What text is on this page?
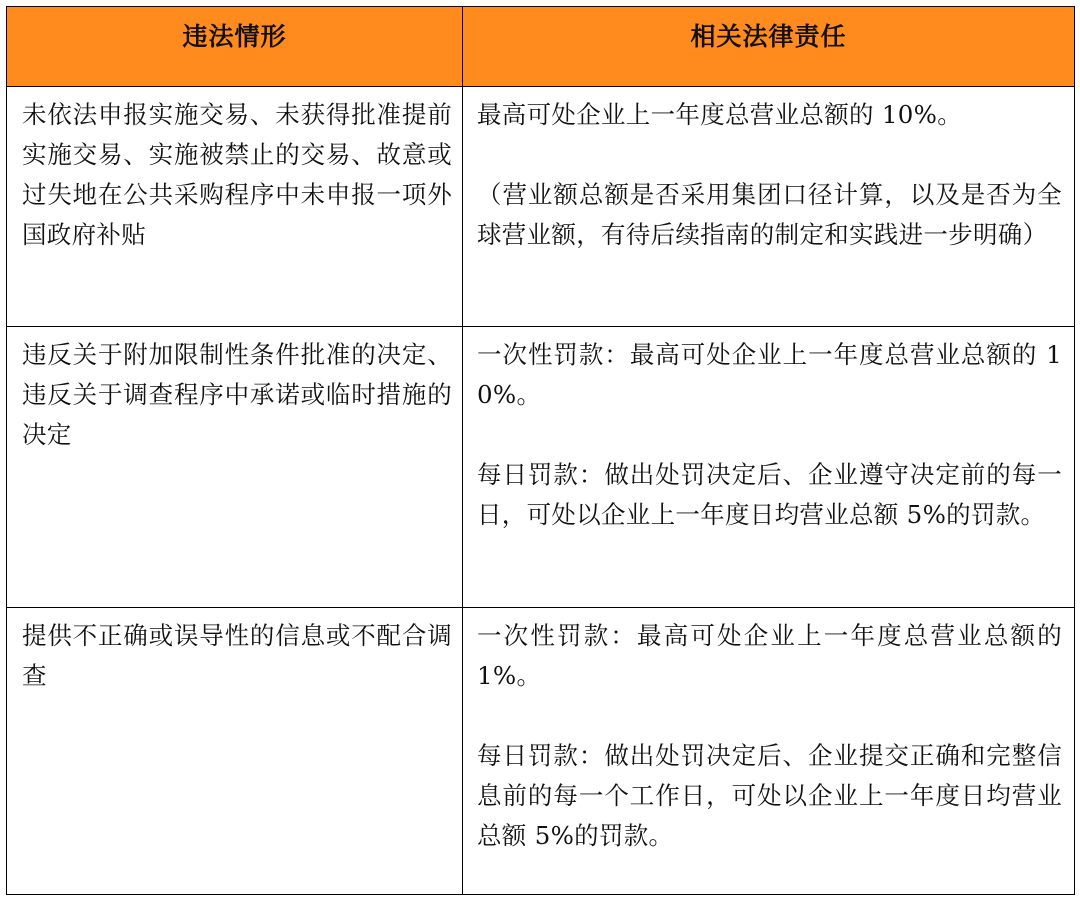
违法情形	相关法律责任

未依法申报实施交易、未获得批准提前实施交易、实施被禁止的交易、故意或过失地在公共采购程序中未申报一项外国政府补贴	最高可处企业上一年度总营业总额的 10%。

（营业额总额是否采用集团口径计算，以及是否为全球营业额，有待后续指南的制定和实践进一步明确）

违反关于附加限制性条件批准的决定、违反关于调查程序中承诺或临时措施的决定	一次性罚款：最高可处企业上一年度总营业总额的 10%。

每日罚款：做出处罚决定后、企业遵守决定前的每一日，可处以企业上一年度日均营业总额 5%的罚款。

提供不正确或误导性的信息或不配合调查	一次性罚款：最高可处企业上一年度总营业总额的 1%。

每日罚款：做出处罚决定后、企业提交正确和完整信息前的每一个工作日，可处以企业上一年度日均营业总额 5%的罚款。
